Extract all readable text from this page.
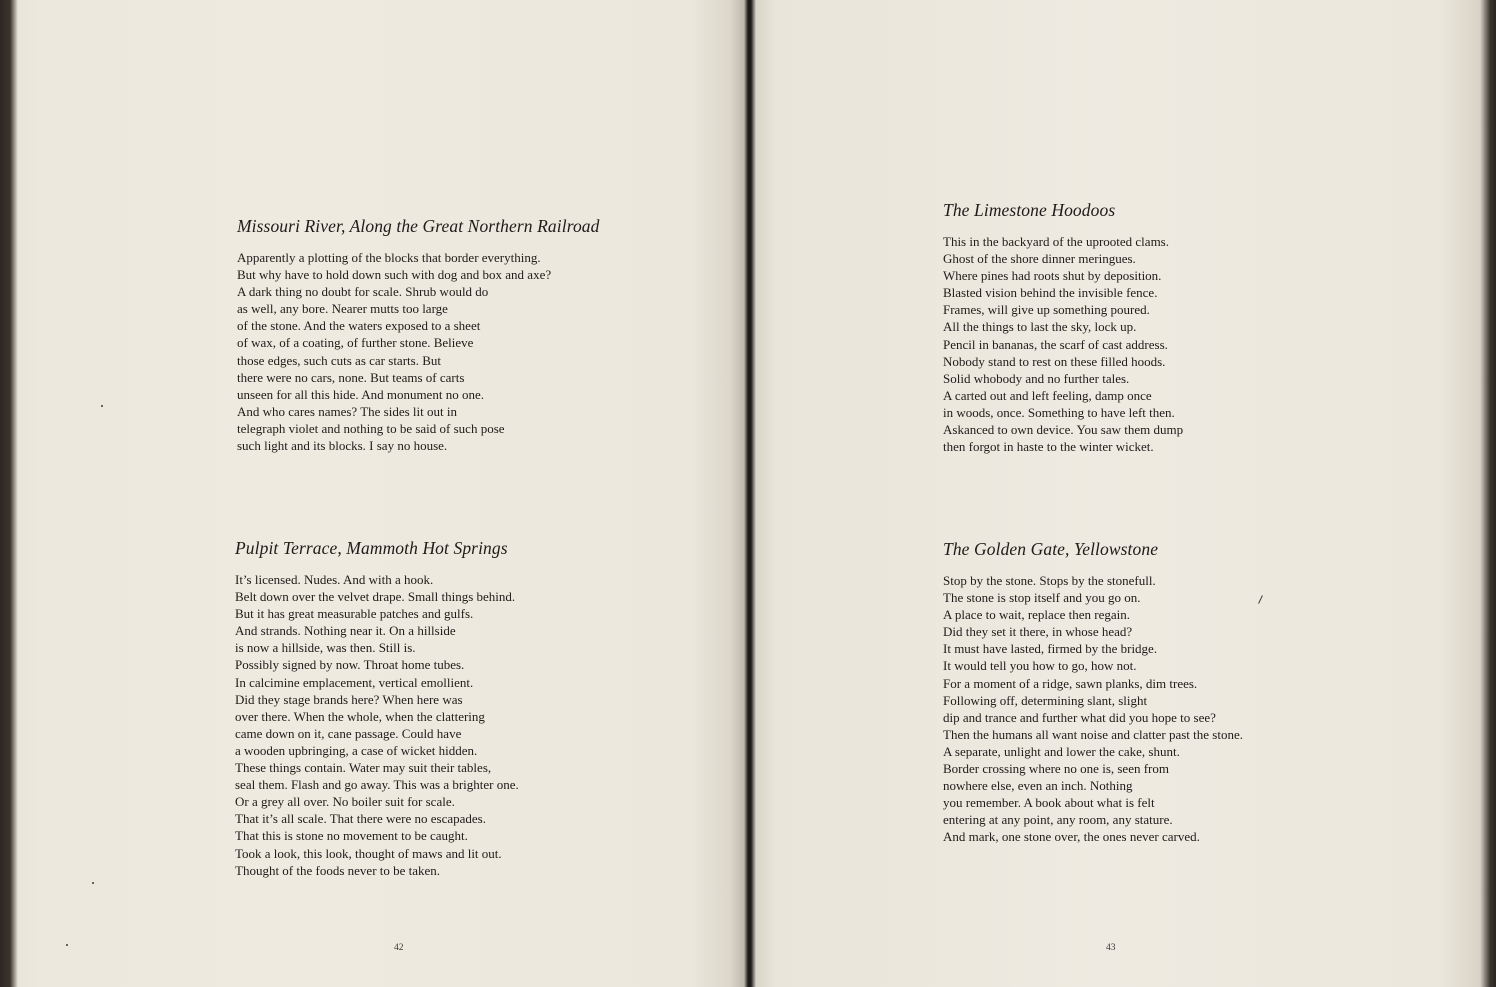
Missouri River, Along the Great Northern Railroad
Apparently a plotting of the blocks that border everything.
But why have to hold down such with dog and box and axe?
A dark thing no doubt for scale. Shrub would do
as well, any bore. Nearer mutts too large
of the stone. And the waters exposed to a sheet
of wax, of a coating, of further stone. Believe
those edges, such cuts as car starts. But
there were no cars, none. But teams of carts
unseen for all this hide. And monument no one.
And who cares names? The sides lit out in
telegraph violet and nothing to be said of such pose
such light and its blocks. I say no house.
Pulpit Terrace, Mammoth Hot Springs
It’s licensed. Nudes. And with a hook.
Belt down over the velvet drape. Small things behind.
But it has great measurable patches and gulfs.
And strands. Nothing near it. On a hillside
is now a hillside, was then. Still is.
Possibly signed by now. Throat home tubes.
In calcimine emplacement, vertical emollient.
Did they stage brands here? When here was
over there. When the whole, when the clattering
came down on it, cane passage. Could have
a wooden upbringing, a case of wicket hidden.
These things contain. Water may suit their tables,
seal them. Flash and go away. This was a brighter one.
Or a grey all over. No boiler suit for scale.
That it’s all scale. That there were no escapades.
That this is stone no movement to be caught.
Took a look, this look, thought of maws and lit out.
Thought of the foods never to be taken.
42
The Limestone Hoodoos
This in the backyard of the uprooted clams.
Ghost of the shore dinner meringues.
Where pines had roots shut by deposition.
Blasted vision behind the invisible fence.
Frames, will give up something poured.
All the things to last the sky, lock up.
Pencil in bananas, the scarf of cast address.
Nobody stand to rest on these filled hoods.
Solid whobody and no further tales.
A carted out and left feeling, damp once
in woods, once. Something to have left then.
Askanced to own device. You saw them dump
then forgot in haste to the winter wicket.
The Golden Gate, Yellowstone
Stop by the stone. Stops by the stonefull.
The stone is stop itself and you go on.
A place to wait, replace then regain.
Did they set it there, in whose head?
It must have lasted, firmed by the bridge.
It would tell you how to go, how not.
For a moment of a ridge, sawn planks, dim trees.
Following off, determining slant, slight
dip and trance and further what did you hope to see?
Then the humans all want noise and clatter past the stone.
A separate, unlight and lower the cake, shunt.
Border crossing where no one is, seen from
nowhere else, even an inch. Nothing
you remember. A book about what is felt
entering at any point, any room, any stature.
And mark, one stone over, the ones never carved.
43
